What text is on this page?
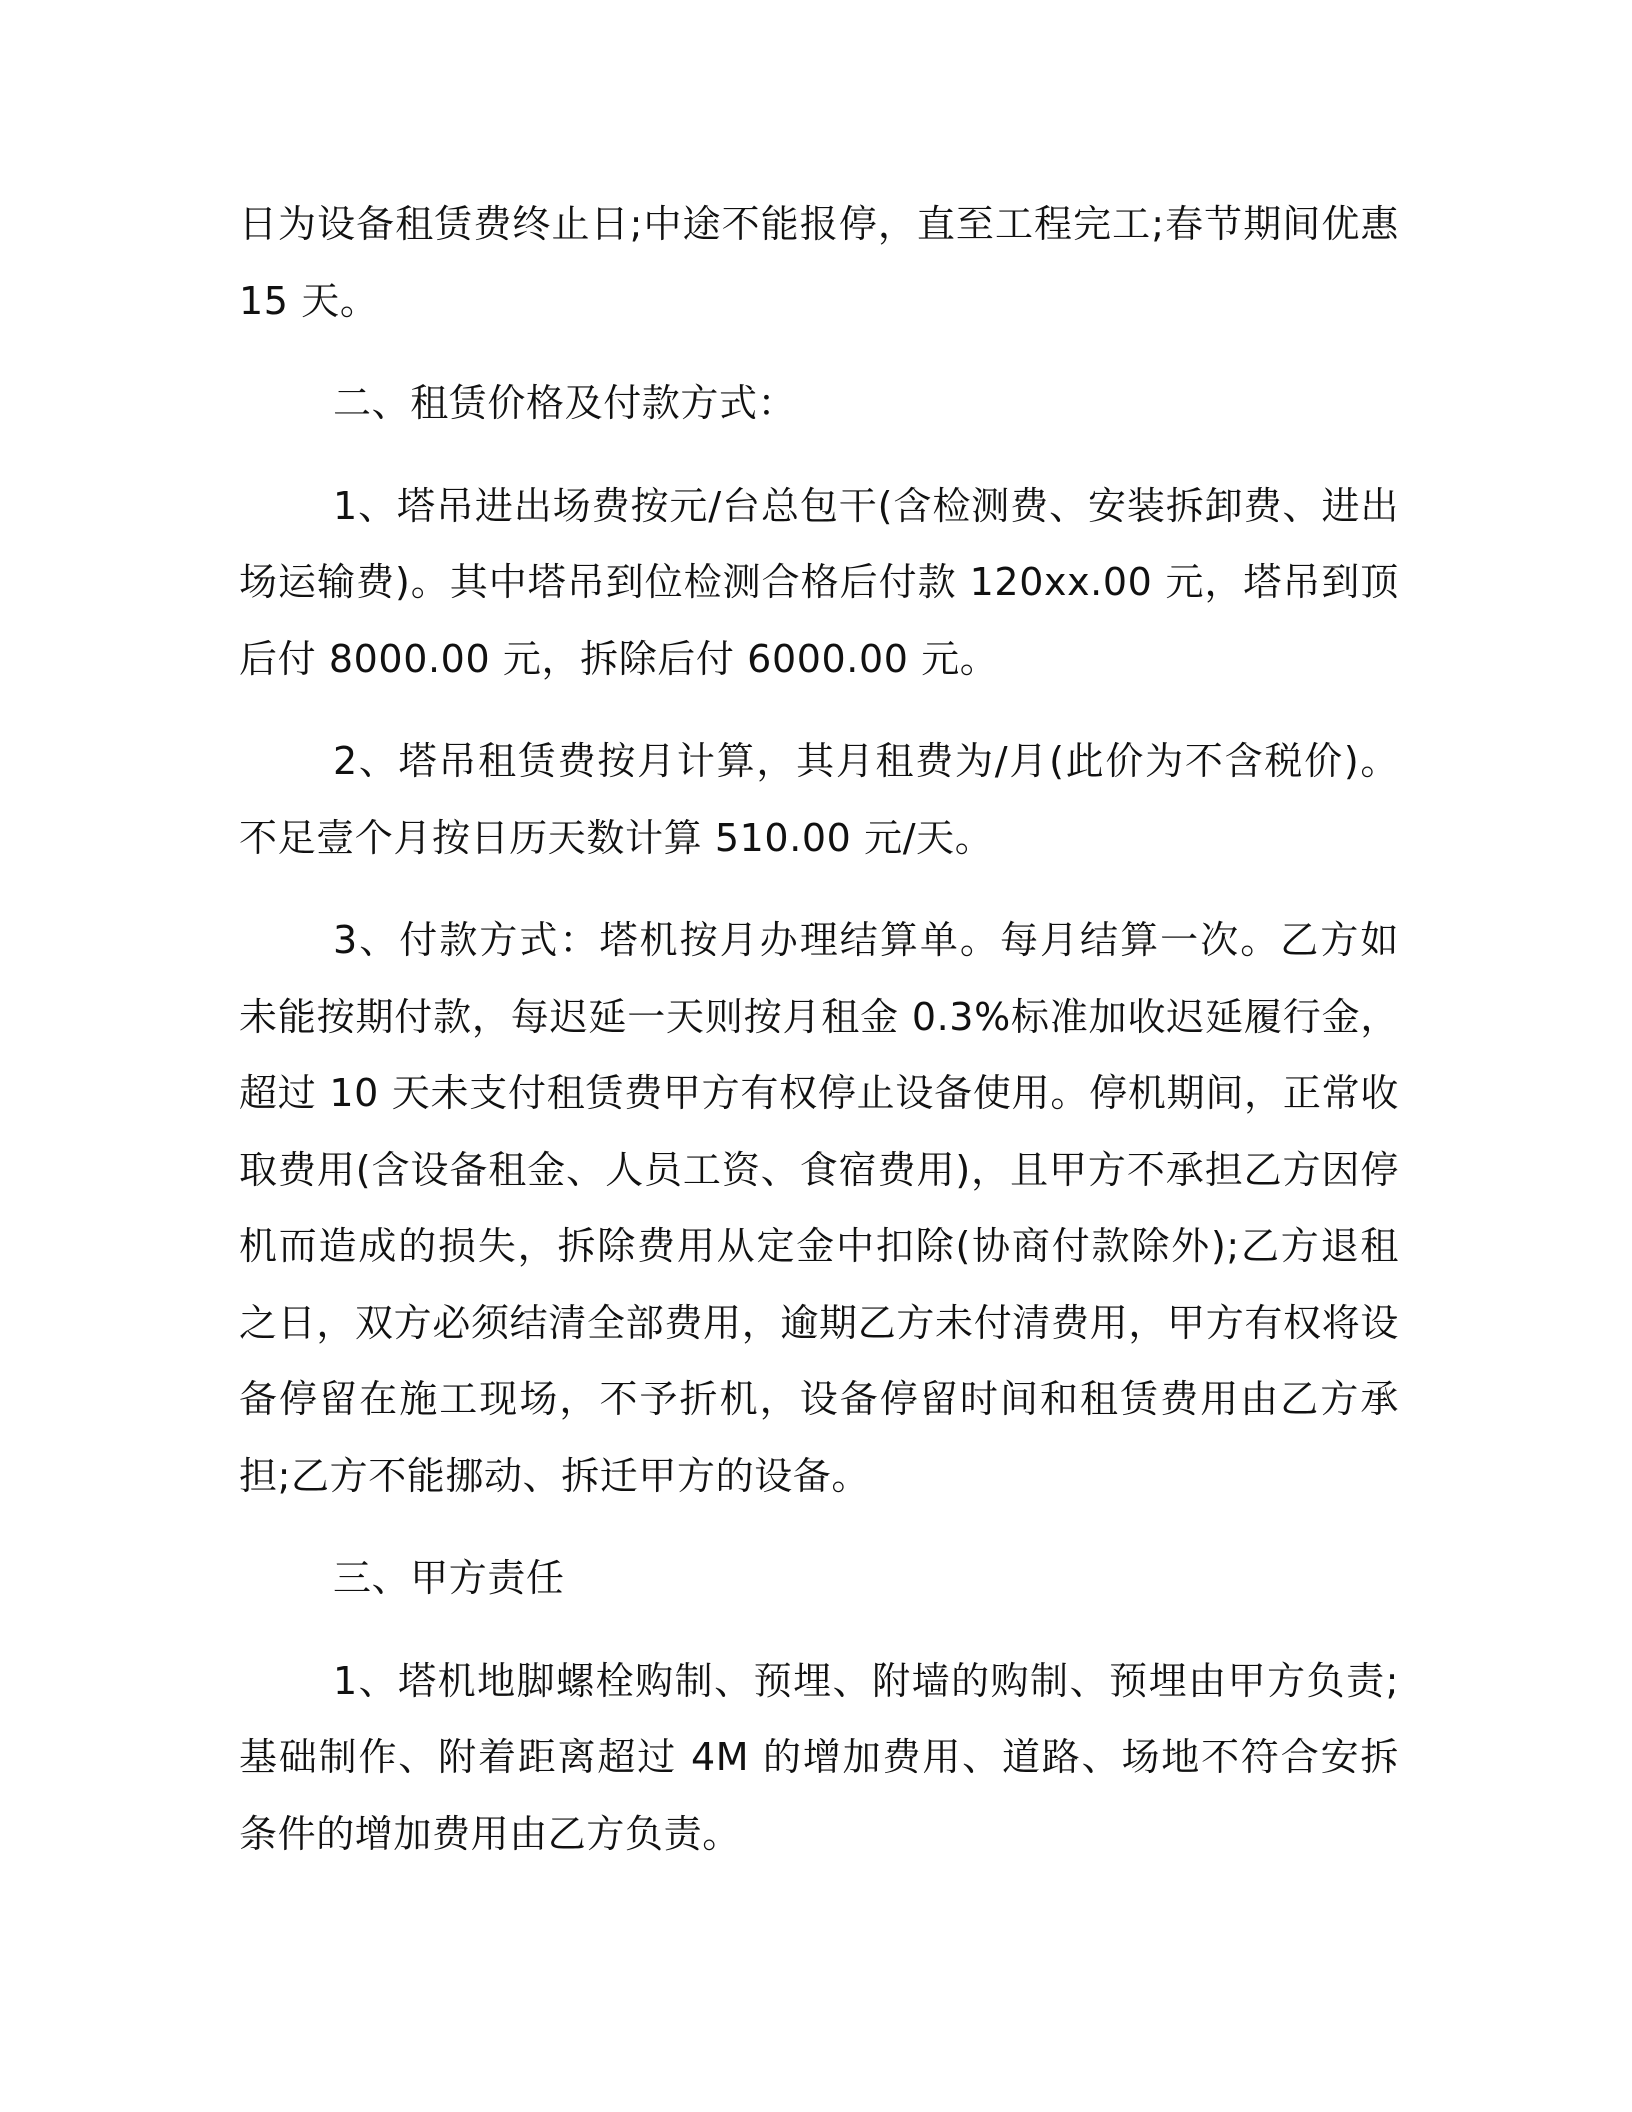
日为设备租赁费终止日;中途不能报停，直至工程完工;春节期间优惠15 天。

二、租赁价格及付款方式：

1、塔吊进出场费按元/台总包干(含检测费、安装拆卸费、进出场运输费)。其中塔吊到位检测合格后付款 120xx.00 元，塔吊到顶后付 8000.00 元，拆除后付 6000.00 元。

2、塔吊租赁费按月计算，其月租费为/月(此价为不含税价)。不足壹个月按日历天数计算 510.00 元/天。

3、付款方式：塔机按月办理结算单。每月结算一次。乙方如未能按期付款，每迟延一天则按月租金 0.3%标准加收迟延履行金，超过 10 天未支付租赁费甲方有权停止设备使用。停机期间，正常收取费用(含设备租金、人员工资、食宿费用)，且甲方不承担乙方因停机而造成的损失，拆除费用从定金中扣除(协商付款除外);乙方退租之日，双方必须结清全部费用，逾期乙方未付清费用，甲方有权将设备停留在施工现场，不予折机，设备停留时间和租赁费用由乙方承担;乙方不能挪动、拆迁甲方的设备。

三、甲方责任

1、塔机地脚螺栓购制、预埋、附墙的购制、预埋由甲方负责;基础制作、附着距离超过 4M 的增加费用、道路、场地不符合安拆条件的增加费用由乙方负责。
